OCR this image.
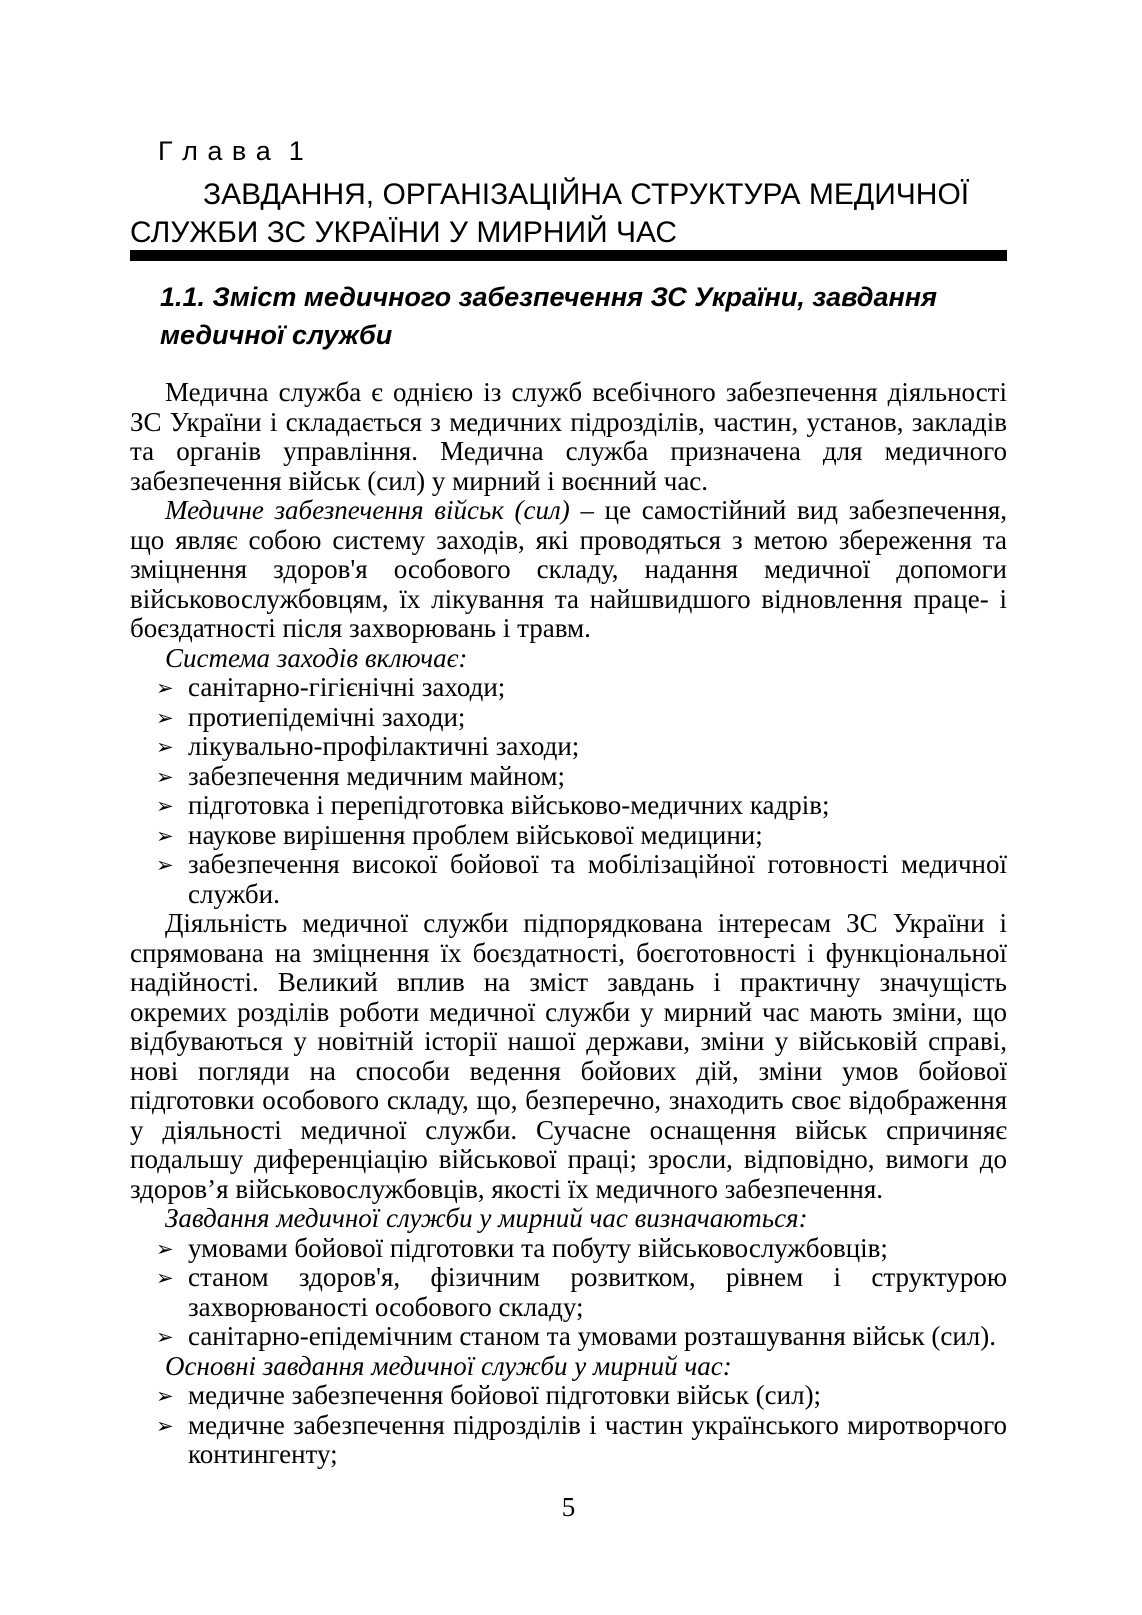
Г л а в а  1
ЗАВДАННЯ, ОРГАНІЗАЦІЙНА СТРУКТУРА МЕДИЧНОЇ
СЛУЖБИ ЗС УКРАЇНИ У МИРНИЙ ЧАС
1.1. Зміст медичного забезпечення ЗС України, завдання
медичної служби

Медична служба є однією із служб всебічного забезпечення діяльності ЗС України і складається з медичних підрозділів, частин, установ, закладів та органів управління. Медична служба призначена для медичного забезпечення військ (сил) у мирний і воєнний час.

Медичне забезпечення військ (сил) – це самостійний вид забезпечення, що являє собою систему заходів, які проводяться з метою збереження та зміцнення здоров'я особового складу, надання медичної допомоги військовослужбовцям, їх лікування та найшвидшого відновлення праце- і боєздатності після захворювань і травм.

Система заходів включає:

➢ санітарно-гігієнічні заходи;
➢ протиепідемічні заходи;
➢ лікувально-профілактичні заходи;
➢ забезпечення медичним майном;
➢ підготовка і перепідготовка військово-медичних кадрів;
➢ наукове вирішення проблем військової медицини;
➢ забезпечення високої бойової та мобілізаційної готовності медичної служби.

Діяльність медичної служби підпорядкована інтересам ЗС України і спрямована на зміцнення їх боєздатності, боєготовності і функціональної надійності. Великий вплив на зміст завдань і практичну значущість окремих розділів роботи медичної служби у мирний час мають зміни, що відбуваються у новітній історії нашої держави, зміни у військовій справі, нові погляди на способи ведення бойових дій, зміни умов бойової підготовки особового складу, що, безперечно, знаходить своє відображення у діяльності медичної служби. Сучасне оснащення військ спричиняє подальшу диференціацію військової праці; зросли, відповідно, вимоги до здоров’я військовослужбовців, якості їх медичного забезпечення.

Завдання медичної служби у мирний час визначаються:

➢ умовами бойової підготовки та побуту військовослужбовців;
➢ станом здоров'я, фізичним розвитком, рівнем і структурою захворюваності особового складу;
➢ санітарно-епідемічним станом та умовами розташування військ (сил).

Основні завдання медичної служби у мирний час:

➢ медичне забезпечення бойової підготовки військ (сил);
➢ медичне забезпечення підрозділів і частин українського миротворчого контингенту;
5
